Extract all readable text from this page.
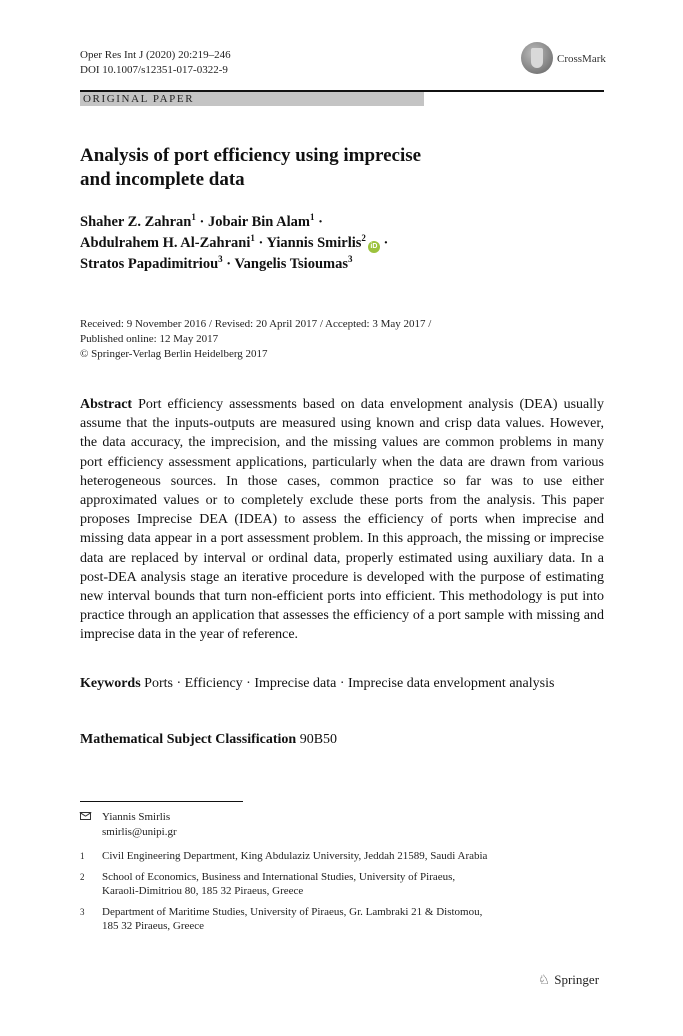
Oper Res Int J (2020) 20:219–246
DOI 10.1007/s12351-017-0322-9
CrossMark
ORIGINAL PAPER
Analysis of port efficiency using imprecise
and incomplete data
Shaher Z. Zahran$^1$ · Jobair Bin Alam$^1$ ·
Abdulrahem H. Al-Zahrani$^1$ · Yiannis Smirlis$^2$iD ·
Stratos Papadimitriou$^3$ · Vangelis Tsioumas$^3$
Received: 9 November 2016 / Revised: 20 April 2017 / Accepted: 3 May 2017 /
Published online: 12 May 2017
© Springer-Verlag Berlin Heidelberg 2017

Abstract Port efficiency assessments based on data envelopment analysis (DEA) usually assume that the inputs-outputs are measured using known and crisp data values. However, the data accuracy, the imprecision, and the missing values are common problems in many port efficiency assessment applications, particularly when the data are drawn from various heterogeneous sources. In those cases, common practice so far was to use either approximated values or to completely exclude these ports from the analysis. This paper proposes Imprecise DEA (IDEA) to assess the efficiency of ports when imprecise and missing data appear in a port assessment problem. In this approach, the missing or imprecise data are replaced by interval or ordinal data, properly estimated using auxiliary data. In a post-DEA analysis stage an iterative procedure is developed with the purpose of estimating new interval bounds that turn non-efficient ports into efficient. This methodology is put into practice through an application that assesses the efficiency of a port sample with missing and imprecise data in the year of reference.

Keywords Ports · Efficiency · Imprecise data · Imprecise data envelopment analysis

Mathematical Subject Classification 90B50

Yiannis Smirlis
smirlis@unipi.gr
1 Civil Engineering Department, King Abdulaziz University, Jeddah 21589, Saudi Arabia
2 School of Economics, Business and International Studies, University of Piraeus,
Karaoli-Dimitriou 80, 185 32 Piraeus, Greece
3 Department of Maritime Studies, University of Piraeus, Gr. Lambraki 21 & Distomou,
185 32 Piraeus, Greece
♘ Springer
